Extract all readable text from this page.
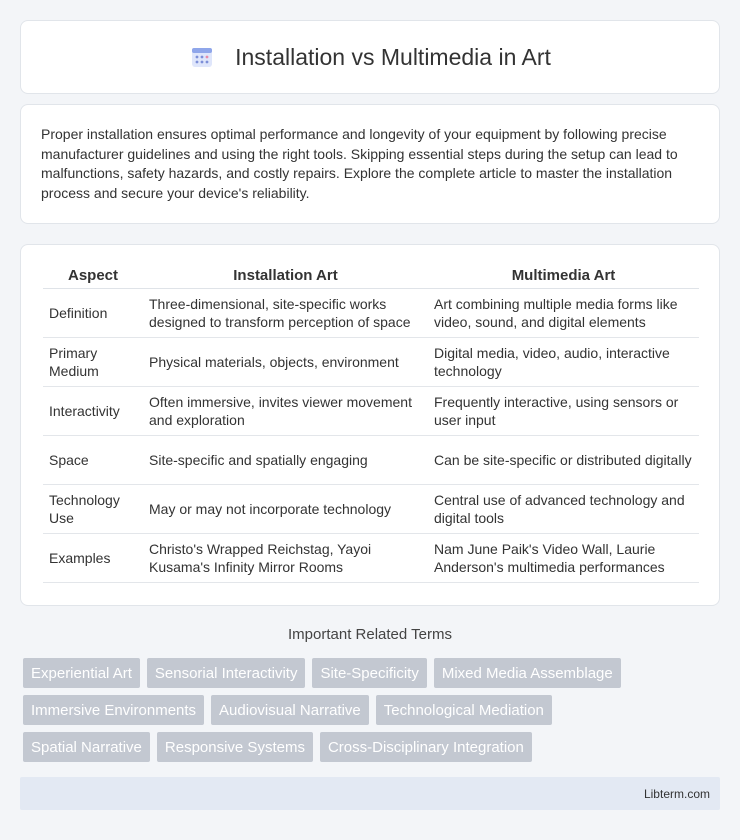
Installation vs Multimedia in Art

Proper installation ensures optimal performance and longevity of your equipment by following precise manufacturer guidelines and using the right tools. Skipping essential steps during the setup can lead to malfunctions, safety hazards, and costly repairs. Explore the complete article to master the installation process and secure your device's reliability.

Aspect	Installation Art	Multimedia Art
Definition	Three-dimensional, site-specific works designed to transform perception of space	Art combining multiple media forms like video, sound, and digital elements
Primary Medium	Physical materials, objects, environment	Digital media, video, audio, interactive technology
Interactivity	Often immersive, invites viewer movement and exploration	Frequently interactive, using sensors or user input
Space	Site-specific and spatially engaging	Can be site-specific or distributed digitally
Technology Use	May or may not incorporate technology	Central use of advanced technology and digital tools
Examples	Christo's Wrapped Reichstag, Yayoi Kusama's Infinity Mirror Rooms	Nam June Paik's Video Wall, Laurie Anderson's multimedia performances
Important Related Terms
Experiential Art	Sensorial Interactivity	Site-Specificity	Mixed Media Assemblage
Immersive Environments	Audiovisual Narrative	Technological Mediation
Spatial Narrative	Responsive Systems	Cross-Disciplinary Integration
Libterm.com
